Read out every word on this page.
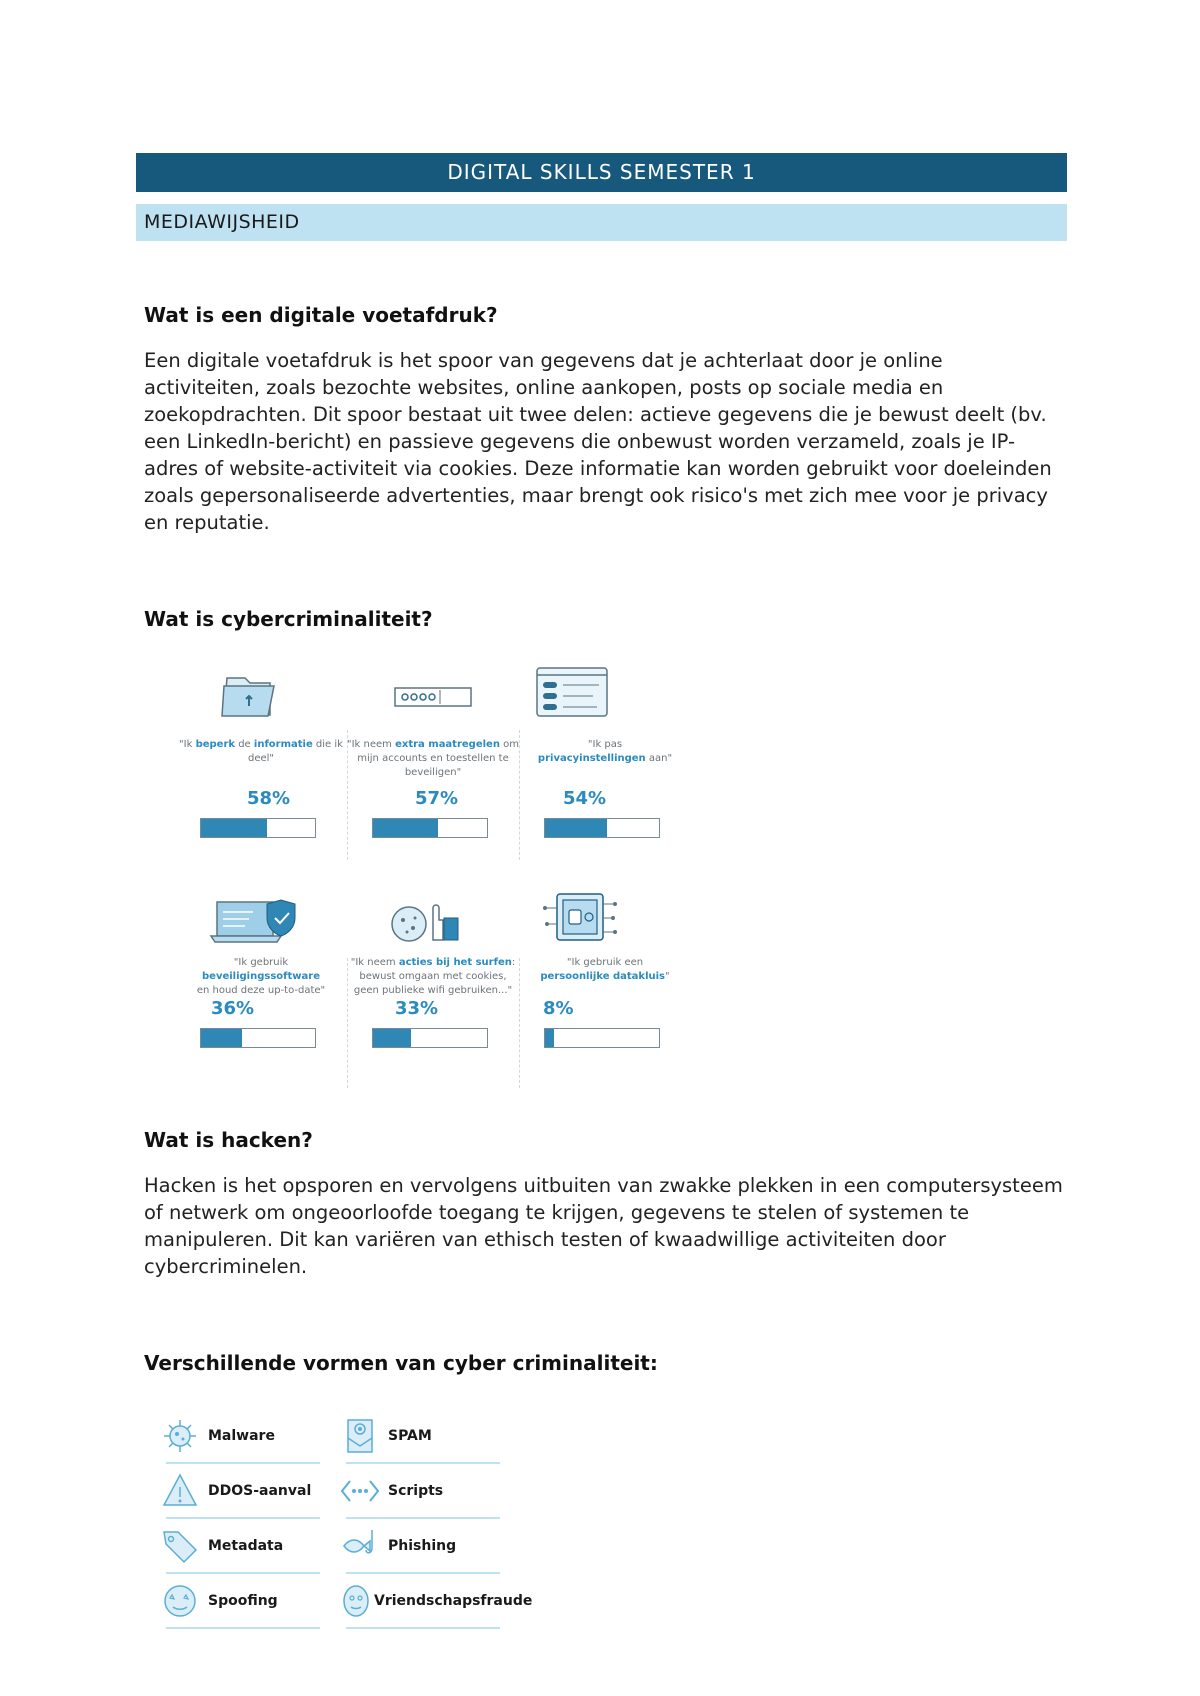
DIGITAL SKILLS SEMESTER 1
MEDIAWIJSHEID
Wat is een digitale voetafdruk?

Een digitale voetafdruk is het spoor van gegevens dat je achterlaat door je online activiteiten, zoals bezochte websites, online aankopen, posts op sociale media en zoekopdrachten. Dit spoor bestaat uit twee delen: actieve gegevens die je bewust deelt (bv. een LinkedIn-bericht) en passieve gegevens die onbewust worden verzameld, zoals je IP-adres of website-activiteit via cookies. Deze informatie kan worden gebruikt voor doeleinden zoals gepersonaliseerde advertenties, maar brengt ook risico's met zich mee voor je privacy en reputatie.

Wat is cybercriminaliteit?
"Ik beperk de informatie die ik deel"
58%
"Ik neem extra maatregelen om mijn accounts en toestellen te beveiligen"
57%
"Ik pas
privacyinstellingen aan"
54%
"Ik gebruik beveiligingssoftware
en houd deze up-to-date"
36%
"Ik neem acties bij het surfen: bewust omgaan met cookies, geen publieke wifi gebruiken..."
33%
"Ik gebruik een
persoonlijke datakluis"
8%
Wat is hacken?

Hacken is het opsporen en vervolgens uitbuiten van zwakke plekken in een computersysteem of netwerk om ongeoorloofde toegang te krijgen, gegevens te stelen of systemen te manipuleren. Dit kan variëren van ethisch testen of kwaadwillige activiteiten door cybercriminelen.

Verschillende vormen van cyber criminaliteit:
Malware	SPAM
DDOS-aanval	Scripts
Metadata	Phishing
Spoofing	Vriendschapsfraude
